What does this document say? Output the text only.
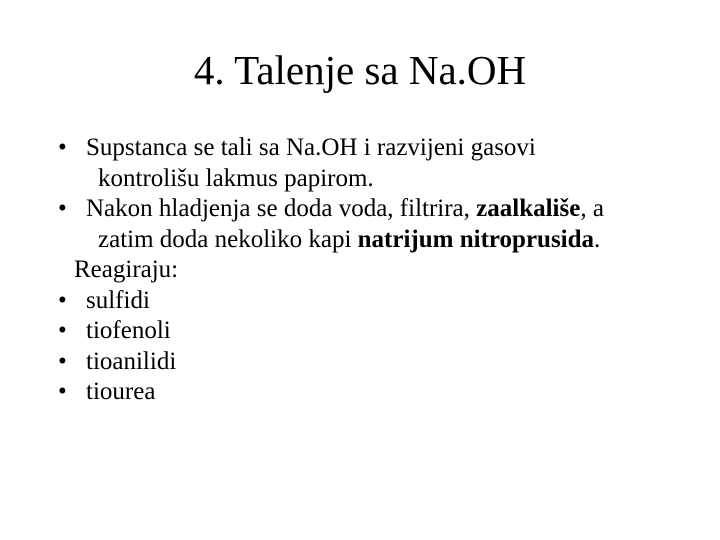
4. Talenje sa Na.OH
• Supstanca se tali sa Na.OH i razvijeni gasovi
kontrolišu lakmus papirom.
• Nakon hladjenja se doda voda, filtrira, zaalkališe, a
zatim doda nekoliko kapi natrijum nitroprusida.
Reagiraju:
• sulfidi
• tiofenoli
• tioanilidi
• tiourea
